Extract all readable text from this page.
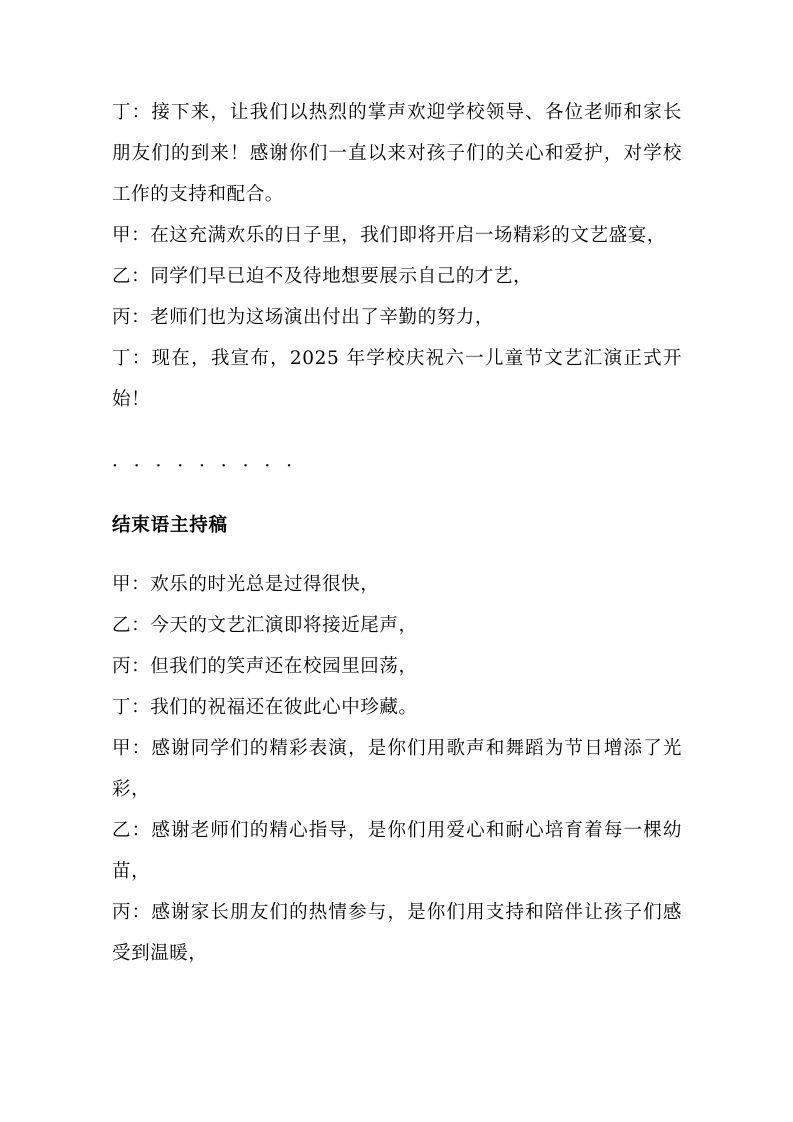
丁：接下来，让我们以热烈的掌声欢迎学校领导、各位老师和家长朋友们的到来！感谢你们一直以来对孩子们的关心和爱护，对学校工作的支持和配合。

甲：在这充满欢乐的日子里，我们即将开启一场精彩的文艺盛宴，

乙：同学们早已迫不及待地想要展示自己的才艺，

丙：老师们也为这场演出付出了辛勤的努力，

丁：现在，我宣布，2025 年学校庆祝六一儿童节文艺汇演正式开始！

· · · · · · · · ·

结束语主持稿

甲：欢乐的时光总是过得很快，

乙：今天的文艺汇演即将接近尾声，

丙：但我们的笑声还在校园里回荡，

丁：我们的祝福还在彼此心中珍藏。

甲：感谢同学们的精彩表演，是你们用歌声和舞蹈为节日增添了光彩，

乙：感谢老师们的精心指导，是你们用爱心和耐心培育着每一棵幼苗，

丙：感谢家长朋友们的热情参与，是你们用支持和陪伴让孩子们感受到温暖，
